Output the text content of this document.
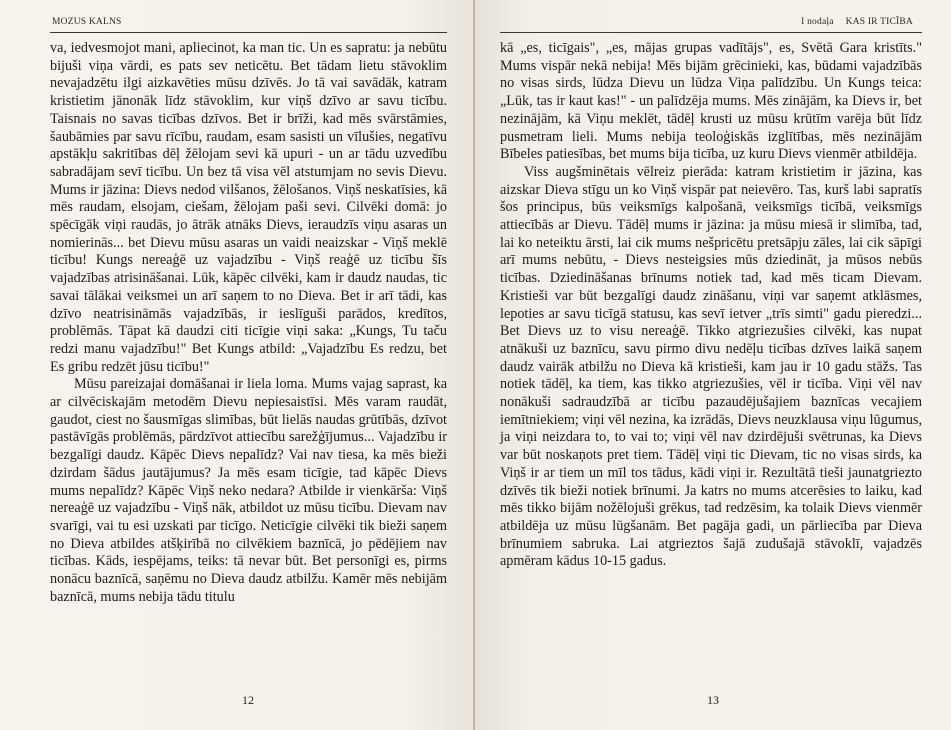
MOZUS KALNS

va, iedvesmojot mani, apliecinot, ka man tic. Un es sapratu: ja nebūtu bijuši viņa vārdi, es pats sev neticētu. Bet tādam lietu stāvoklim nevajadzētu ilgi aizkavēties mūsu dzīvēs. Jo tā vai savādāk, katram kristietim jānonāk līdz stāvoklim, kur viņš dzīvo ar savu ticību. Taisnais no savas ticības dzīvos. Bet ir brīži, kad mēs svārstāmies, šaubāmies par savu rīcību, raudam, esam sasisti un vīlušies, negatīvu apstākļu sakritības dēļ žēlojam sevi kā upuri - un ar tādu uzvedību sabradājam sevī ticību. Un bez tā visa vēl atstumjam no sevis Dievu. Mums ir jāzina: Dievs nedod vilšanos, žēlošanos. Viņš neskatīsies, kā mēs raudam, elsojam, ciešam, žēlojam paši sevi. Cilvēki domā: jo spēcīgāk viņi raudās, jo ātrāk atnāks Dievs, ieraudzīs viņu asaras un nomierinās... bet Dievu mūsu asaras un vaidi neaizskar - Viņš meklē ticību! Kungs nereaģē uz vajadzību - Viņš reaģē uz ticību šīs vajadzības atrisināšanai. Lūk, kāpēc cilvēki, kam ir daudz naudas, tic savai tālākai veiksmei un arī saņem to no Dieva. Bet ir arī tādi, kas dzīvo neatrisināmās vajadzībās, ir ieslīguši parādos, kredītos, problēmās. Tāpat kā daudzi citi ticīgie viņi saka: „Kungs, Tu taču redzi manu vajadzību!" Bet Kungs atbild: „Vajadzību Es redzu, bet Es gribu redzēt jūsu ticību!"

Mūsu pareizajai domāšanai ir liela loma. Mums vajag saprast, ka ar cilvēciskajām metodēm Dievu nepiesaistīsi. Mēs varam raudāt, gaudot, ciest no šausmīgas slimības, būt lielās naudas grūtībās, dzīvot pastāvīgās problēmās, pārdzīvot attiecību sarežģījumus... Vajadzību ir bezgalīgi daudz. Kāpēc Dievs nepalīdz? Vai nav tiesa, ka mēs bieži dzirdam šādus jautājumus? Ja mēs esam ticīgie, tad kāpēc Dievs mums nepalīdz? Kāpēc Viņš neko nedara? Atbilde ir vienkārša: Viņš nereaģē uz vajadzību - Viņš nāk, atbildot uz mūsu ticību. Dievam nav svarīgi, vai tu esi uzskati par ticīgo. Neticīgie cilvēki tik bieži saņem no Dieva atbildes atšķirībā no cilvēkiem baznīcā, jo pēdējiem nav ticības. Kāds, iespējams, teiks: tā nevar būt. Bet personīgi es, pirms nonācu baznīcā, saņēmu no Dieva daudz atbilžu. Kamēr mēs nebijām baznīcā, mums nebija tādu titulu

12
I nodaļa KAS IR TICĪBA

kā „es, ticīgais", „es, mājas grupas vadītājs", es, Svētā Gara kristīts." Mums vispār nekā nebija! Mēs bijām grēcinieki, kas, būdami vajadzībās no visas sirds, lūdza Dievu un lūdza Viņa palīdzību. Un Kungs teica: „Lūk, tas ir kaut kas!" - un palīdzēja mums. Mēs zinājām, ka Dievs ir, bet nezinājām, kā Viņu meklēt, tādēļ krusti uz mūsu krūtīm varēja būt līdz pusmetram lieli. Mums nebija teoloģiskās izglītības, mēs nezinājām Bībeles patiesības, bet mums bija ticība, uz kuru Dievs vienmēr atbildēja.

Viss augšminētais vēlreiz pierāda: katram kristietim ir jāzina, kas aizskar Dieva stīgu un ko Viņš vispār pat neievēro. Tas, kurš labi sapratīs šos principus, būs veiksmīgs kalpošanā, veiksmīgs ticībā, veiksmīgs attiecībās ar Dievu. Tādēļ mums ir jāzina: ja mūsu miesā ir slimība, tad, lai ko neteiktu ārsti, lai cik mums nešpricētu pretsāpju zāles, lai cik sāpīgi arī mums nebūtu, - Dievs nesteigsies mūs dziedināt, ja mūsos nebūs ticības. Dziedināšanas brīnums notiek tad, kad mēs ticam Dievam. Kristieši var būt bezgalīgi daudz zināšanu, viņi var saņemt atklāsmes, lepoties ar savu ticīgā statusu, kas sevī ietver „trīs simti" gadu pieredzi... Bet Dievs uz to visu nereaģē. Tikko atgriezušies cilvēki, kas nupat atnākuši uz baznīcu, savu pirmo divu nedēļu ticības dzīves laikā saņem daudz vairāk atbilžu no Dieva kā kristieši, kam jau ir 10 gadu stāžs. Tas notiek tādēļ, ka tiem, kas tikko atgriezušies, vēl ir ticība. Viņi vēl nav nonākuši sadraudzībā ar ticību pazaudējušajiem baznīcas vecajiem iemītniekiem; viņi vēl nezina, ka izrādās, Dievs neuzklausa viņu lūgumus, ja viņi neizdara to, to vai to; viņi vēl nav dzirdējuši svētrunas, ka Dievs var būt noskaņots pret tiem. Tādēļ viņi tic Dievam, tic no visas sirds, ka Viņš ir ar tiem un mīl tos tādus, kādi viņi ir. Rezultātā tieši jaunatgriezto dzīvēs tik bieži notiek brīnumi. Ja katrs no mums atcerēsies to laiku, kad mēs tikko bijām nožēlojuši grēkus, tad redzēsim, ka tolaik Dievs vienmēr atbildēja uz mūsu lūgšanām. Bet pagāja gadi, un pārliecība par Dieva brīnumiem sabruka. Lai atgrieztos šajā zudušajā stāvoklī, vajadzēs apmēram kādus 10-15 gadus.

13
